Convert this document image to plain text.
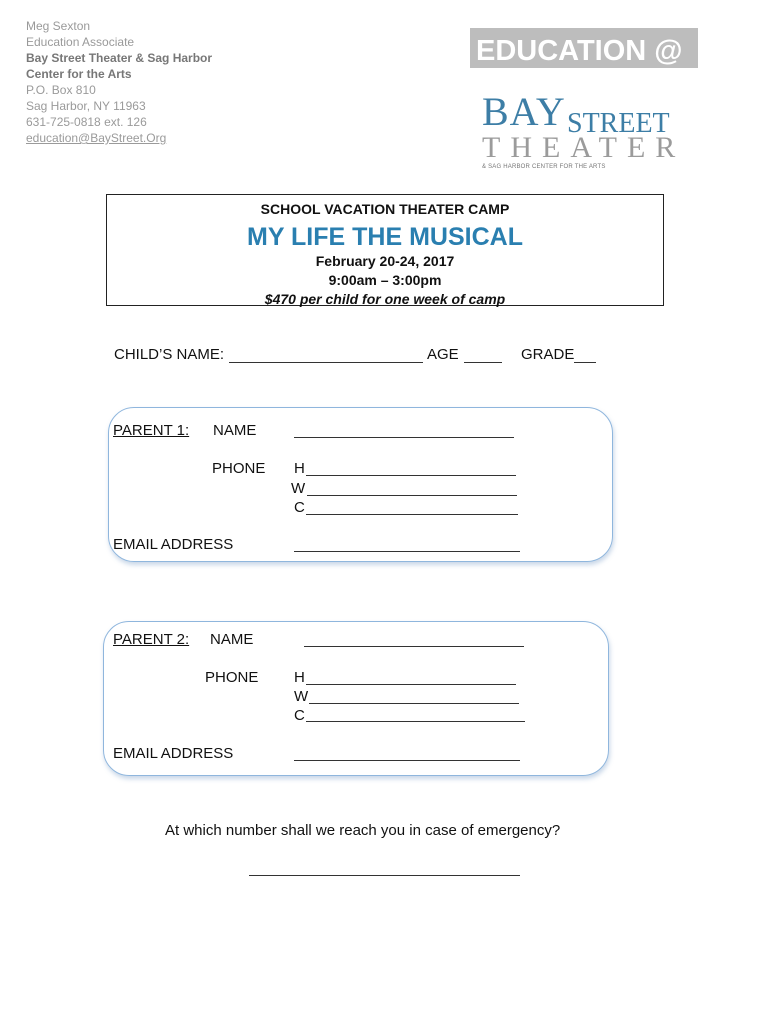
Meg Sexton
Education Associate
Bay Street Theater & Sag Harbor
Center for the Arts
P.O. Box 810
Sag Harbor, NY 11963
631-725-0818 ext. 126
education@BayStreet.Org
EDUCATION @
BAY STREET
THEATER
& SAG HARBOR CENTER FOR THE ARTS
SCHOOL VACATION THEATER CAMP
MY LIFE THE MUSICAL
February 20-24, 2017
9:00am – 3:00pm
$470 per child for one week of camp
CHILD’S NAME:	AGE	GRADE
PARENT 1: NAME
PHONE H
W
C
EMAIL ADDRESS
PARENT 2: NAME
PHONE H
W
C
EMAIL ADDRESS
At which number shall we reach you in case of emergency?
